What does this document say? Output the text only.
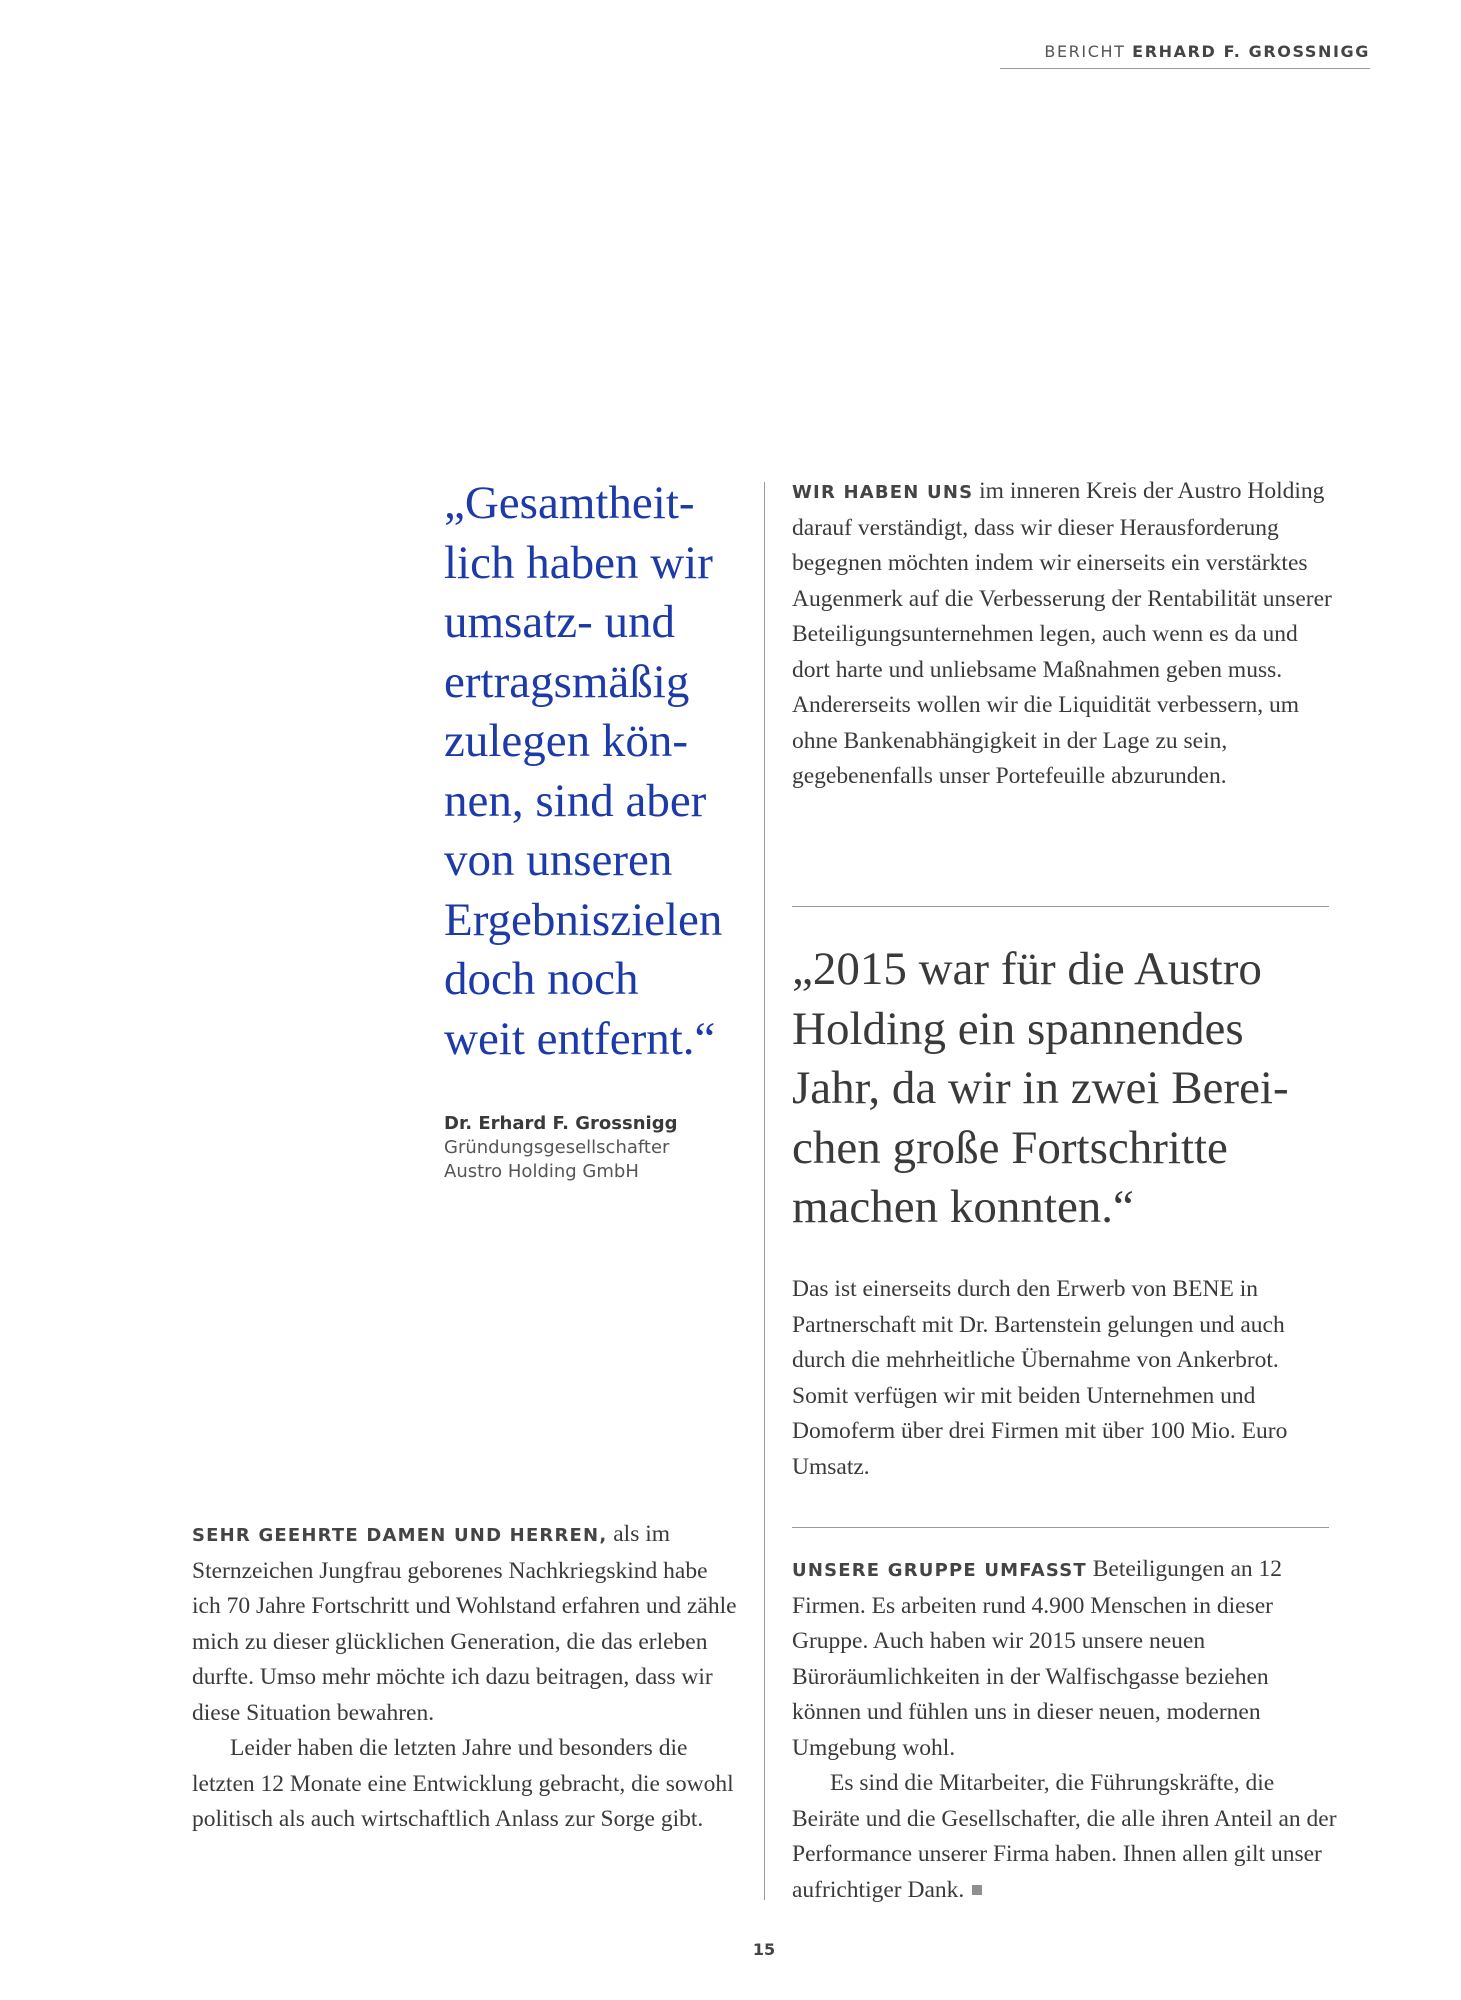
BERICHT ERHARD F. GROSSNIGG

„Gesamtheit-
lich haben wir
umsatz- und
ertragsmäßig
zulegen kön-
nen, sind aber
von unseren
Ergebniszielen
doch noch
weit entfernt.“

Dr. Erhard F. Grossnigg
Gründungsgesellschafter
Austro Holding GmbH

WIR HABEN UNS im inneren Kreis der Austro Holding darauf verständigt, dass wir dieser Herausforderung begegnen möchten indem wir einerseits ein verstärktes Augenmerk auf die Verbesserung der Rentabilität unserer Beteiligungsunternehmen legen, auch wenn es da und dort harte und unliebsame Maßnahmen geben muss. Andererseits wollen wir die Liquidität verbessern, um ohne Bankenabhängigkeit in der Lage zu sein, gegebenenfalls unser Portefeuille abzurunden.

„2015 war für die Austro
Holding ein spannendes
Jahr, da wir in zwei Berei-
chen große Fortschritte
machen konnten.“

Das ist einerseits durch den Erwerb von BENE in Partnerschaft mit Dr. Bartenstein gelungen und auch durch die mehrheitliche Übernahme von Ankerbrot. Somit verfügen wir mit beiden Unternehmen und Domoferm über drei Firmen mit über 100 Mio. Euro Umsatz.

UNSERE GRUPPE UMFASST Beteiligungen an 12 Firmen. Es arbeiten rund 4.900 Menschen in dieser Gruppe. Auch haben wir 2015 unsere neuen Büroräumlichkeiten in der Walfischgasse beziehen können und fühlen uns in dieser neuen, modernen Umgebung wohl.

Es sind die Mitarbeiter, die Führungskräfte, die Beiräte und die Gesellschafter, die alle ihren Anteil an der Performance unserer Firma haben. Ihnen allen gilt unser aufrichtiger Dank.

SEHR GEEHRTE DAMEN UND HERREN, als im Sternzeichen Jungfrau geborenes Nachkriegskind habe ich 70 Jahre Fortschritt und Wohlstand erfahren und zähle mich zu dieser glücklichen Generation, die das erleben durfte. Umso mehr möchte ich dazu beitragen, dass wir diese Situation bewahren.

Leider haben die letzten Jahre und besonders die letzten 12 Monate eine Entwicklung gebracht, die sowohl politisch als auch wirtschaftlich Anlass zur Sorge gibt.

15
